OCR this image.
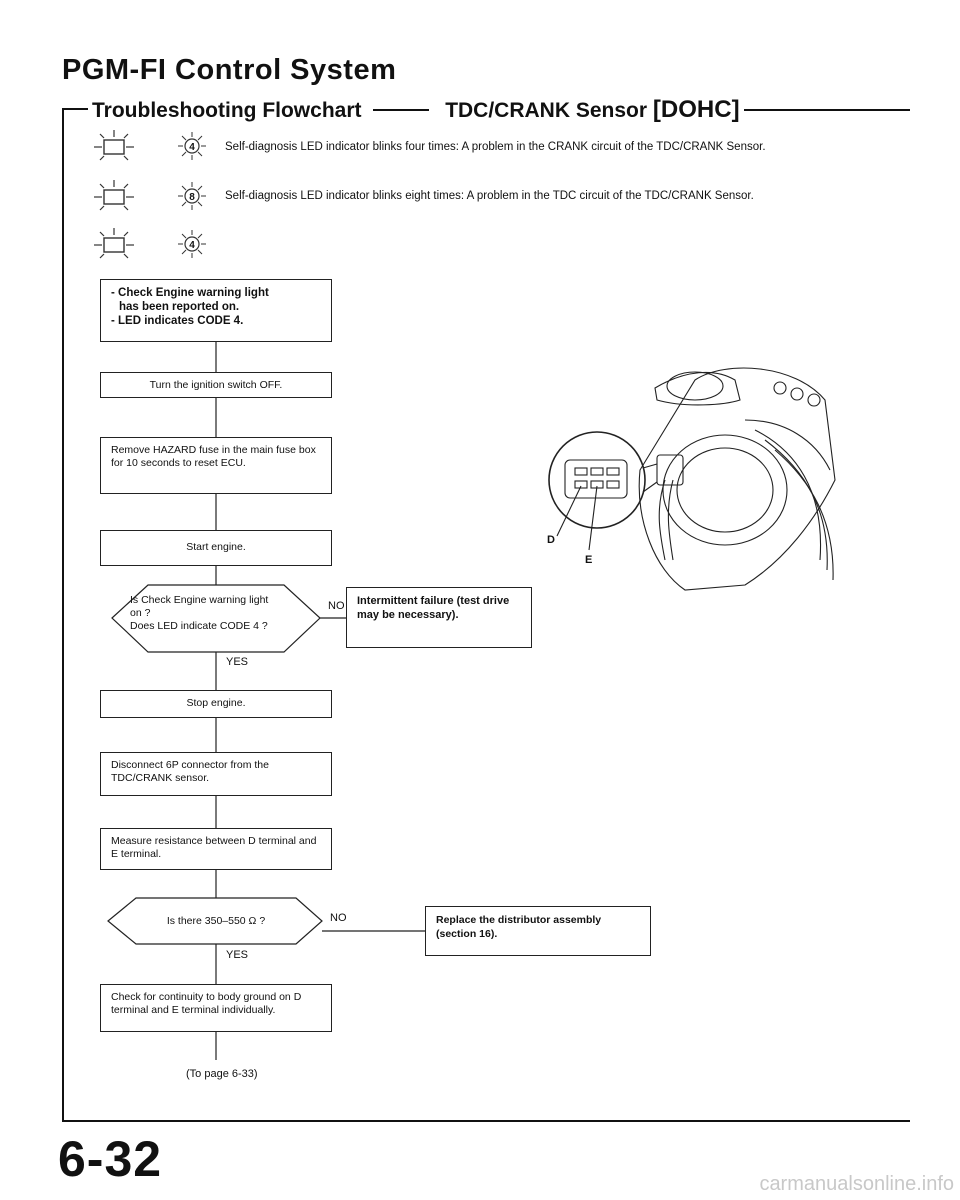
PGM-FI Control System
Troubleshooting Flowchart	TDC/CRANK Sensor [DOHC]
4
8
4
Self-diagnosis LED indicator blinks four times: A problem in the CRANK circuit of the TDC/CRANK Sensor.
Self-diagnosis LED indicator blinks eight times: A problem in the TDC circuit of the TDC/CRANK Sensor.
- Check Engine warning light
has been reported on.
- LED indicates CODE 4.
Turn the ignition switch OFF.
Remove HAZARD fuse in the main fuse box for 10 seconds to reset ECU.
Start engine.
Is Check Engine warning light
on ?
Does LED indicate CODE 4 ?
NO
YES
Intermittent failure (test drive may be necessary).
Stop engine.
Disconnect 6P connector from the TDC/CRANK sensor.
Measure resistance between D terminal and E terminal.
Is there 350–550 Ω ?	NO
YES
Replace the distributor assembly (section 16).
Check for continuity to body ground on D terminal and E terminal individually.
(To page 6-33)
D
E
6-32	carmanualsonline.info
